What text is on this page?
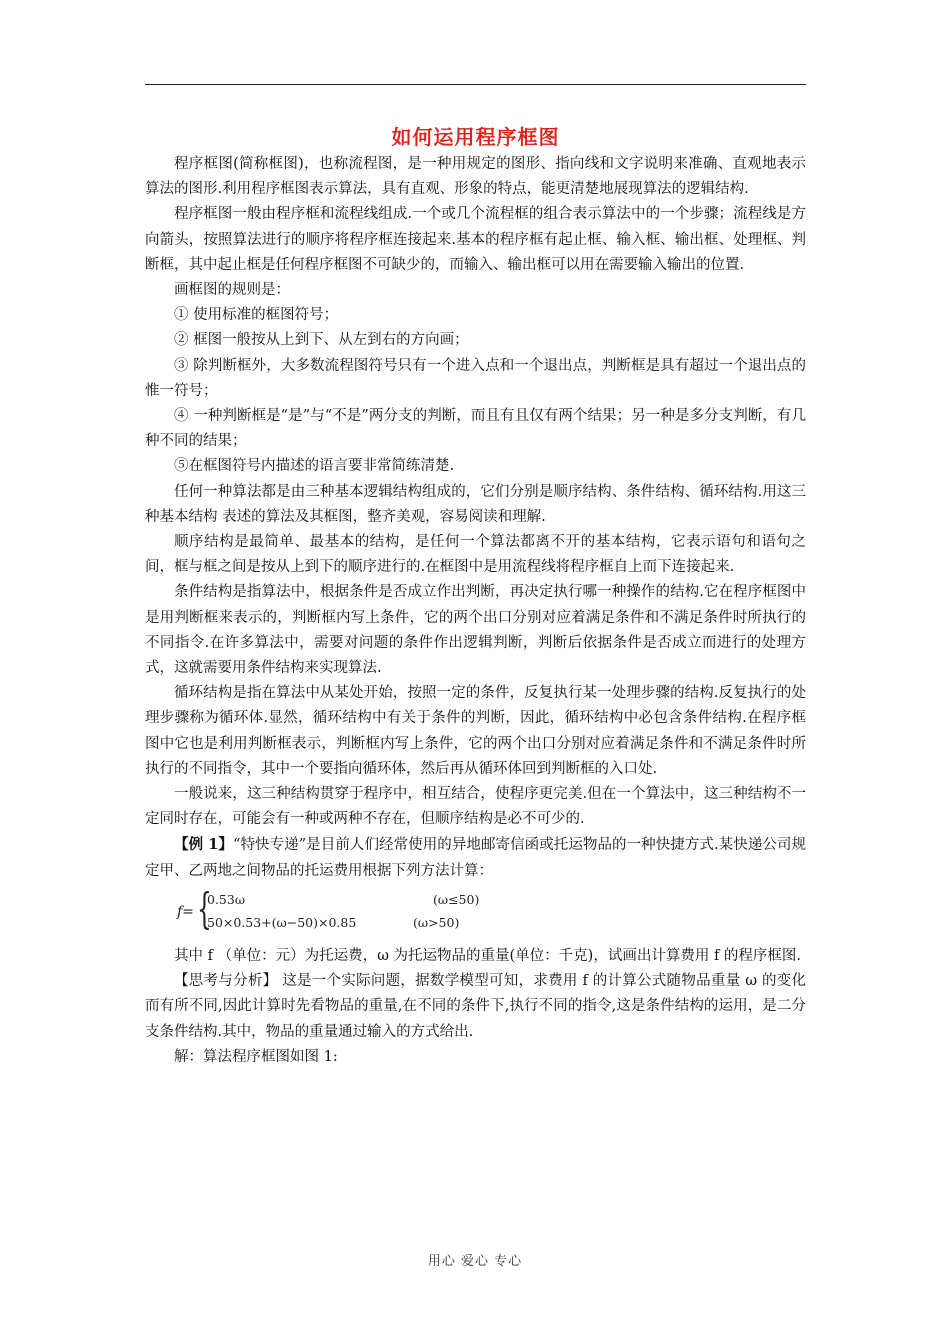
如何运用程序框图

程序框图(简称框图)，也称流程图，是一种用规定的图形、指向线和文字说明来准确、直观地表示算法的图形.利用程序框图表示算法，具有直观、形象的特点，能更清楚地展现算法的逻辑结构.

程序框图一般由程序框和流程线组成.一个或几个流程框的组合表示算法中的一个步骤；流程线是方向箭头，按照算法进行的顺序将程序框连接起来.基本的程序框有起止框、输入框、输出框、处理框、判断框，其中起止框是任何程序框图不可缺少的，而输入、输出框可以用在需要输入输出的位置.

画框图的规则是：

① 使用标准的框图符号；

② 框图一般按从上到下、从左到右的方向画；

③ 除判断框外，大多数流程图符号只有一个进入点和一个退出点，判断框是具有超过一个退出点的惟一符号；

④ 一种判断框是“是”与“不是”两分支的判断，而且有且仅有两个结果；另一种是多分支判断，有几种不同的结果；

⑤在框图符号内描述的语言要非常简练清楚.

任何一种算法都是由三种基本逻辑结构组成的，它们分别是顺序结构、条件结构、循环结构.用这三种基本结构 表述的算法及其框图，整齐美观，容易阅读和理解.

顺序结构是最简单、最基本的结构，是任何一个算法都离不开的基本结构，它表示语句和语句之间，框与框之间是按从上到下的顺序进行的.在框图中是用流程线将程序框自上而下连接起来.

条件结构是指算法中，根据条件是否成立作出判断，再决定执行哪一种操作的结构.它在程序框图中是用判断框来表示的，判断框内写上条件，它的两个出口分别对应着满足条件和不满足条件时所执行的不同指令.在许多算法中，需要对问题的条件作出逻辑判断，判断后依据条件是否成立而进行的处理方式，这就需要用条件结构来实现算法.

循环结构是指在算法中从某处开始，按照一定的条件，反复执行某一处理步骤的结构.反复执行的处理步骤称为循环体.显然，循环结构中有关于条件的判断，因此，循环结构中必包含条件结构.在程序框图中它也是利用判断框表示，判断框内写上条件，它的两个出口分别对应着满足条件和不满足条件时所执行的不同指令，其中一个要指向循环体，然后再从循环体回到判断框的入口处.

一般说来，这三种结构贯穿于程序中，相互结合，使程序更完美.但在一个算法中，这三种结构不一定同时存在，可能会有一种或两种不存在，但顺序结构是必不可少的.

【例 1】“特快专递”是目前人们经常使用的异地邮寄信函或托运物品的一种快捷方式.某快递公司规定甲、乙两地之间物品的托运费用根据下列方法计算：

f= {
0.53ω	(ω≤50)
50×0.53+(ω−50)×0.85	(ω>50)

其中 f （单位：元）为托运费，ω 为托运物品的重量(单位：千克)，试画出计算费用 f 的程序框图.

【思考与分析】 这是一个实际问题，据数学模型可知，求费用 f 的计算公式随物品重量 ω 的变化而有所不同,因此计算时先看物品的重量,在不同的条件下,执行不同的指令,这是条件结构的运用，是二分支条件结构.其中，物品的重量通过输入的方式给出.

解：算法程序框图如图 1:

用心 爱心 专心
